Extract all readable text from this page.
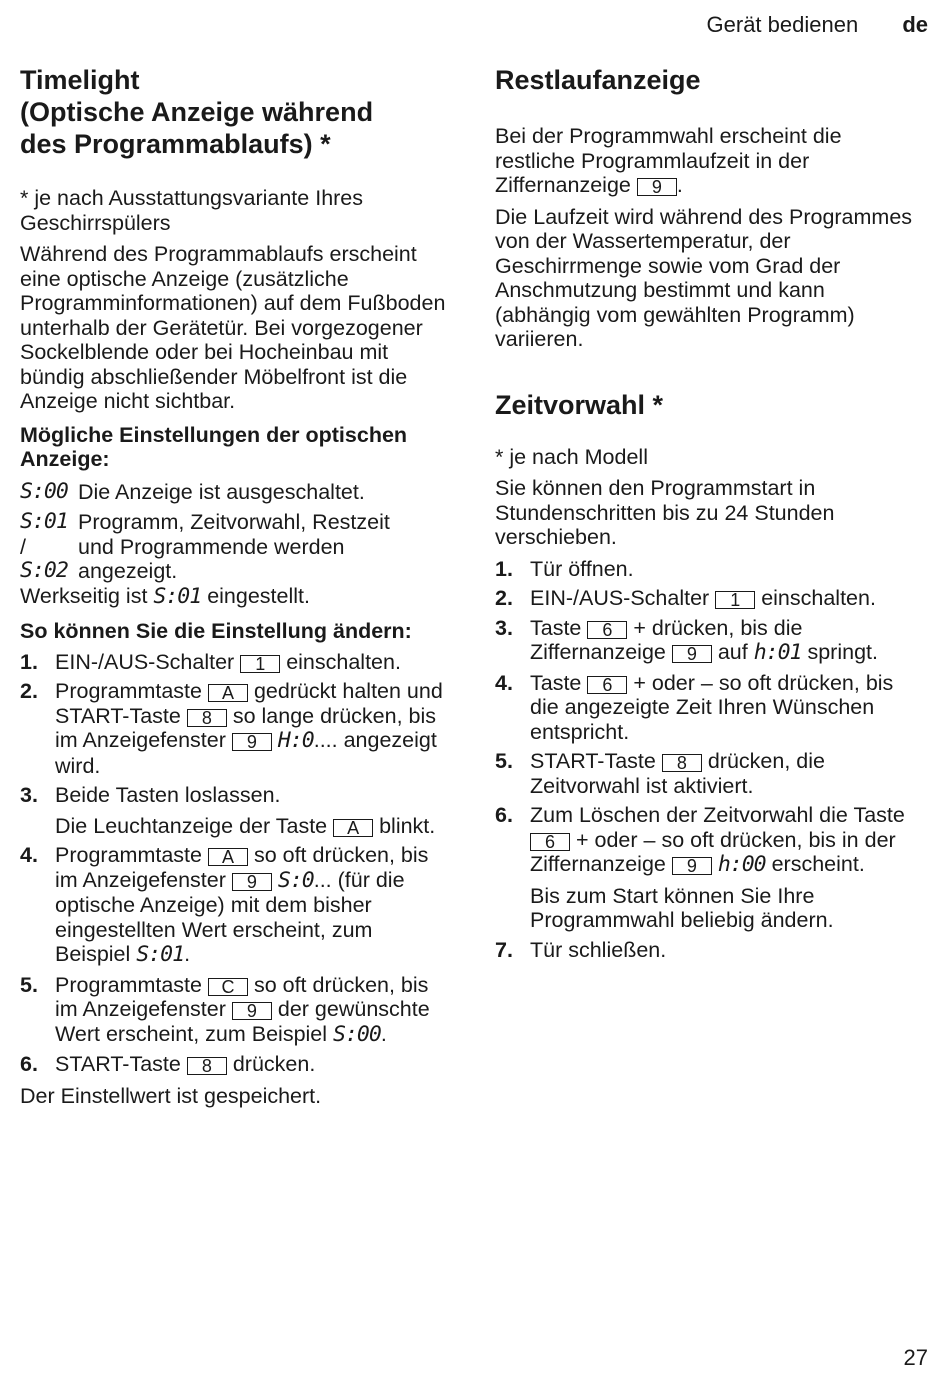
Gerät bedienen de
Timelight
(Optische Anzeige während
des Programmablaufs) *

* je nach Ausstattungsvariante Ihres Geschirrspülers

Während des Programmablaufs erscheint eine optische Anzeige (zusätzliche Programminformationen) auf dem Fußboden unterhalb der Gerätetür. Bei vorgezogener Sockelblende oder bei Hocheinbau mit bündig abschließender Möbelfront ist die Anzeige nicht sichtbar.

Mögliche Einstellungen der optischen Anzeige:

S:00 Die Anzeige ist ausgeschaltet.
S:01 Programm, Zeitvorwahl, Restzeit
/	und Programmende werden
S:02 angezeigt.

Werkseitig ist S:01 eingestellt.

So können Sie die Einstellung ändern:

1. EIN-/AUS-Schalter 1 einschalten.
2. Programmtaste A gedrückt halten und START-Taste 8 so lange drücken, bis im Anzeigefenster 9 H:0.... angezeigt wird.
3. Beide Tasten loslassen.
Die Leuchtanzeige der Taste A blinkt.
4. Programmtaste A so oft drücken, bis im Anzeigefenster 9 S:0... (für die optische Anzeige) mit dem bisher eingestellten Wert erscheint, zum Beispiel S:01.
5. Programmtaste C so oft drücken, bis im Anzeigefenster 9 der gewünschte Wert erscheint, zum Beispiel S:00.
6. START-Taste 8 drücken.

Der Einstellwert ist gespeichert.

Restlaufanzeige

Bei der Programmwahl erscheint die restliche Programmlaufzeit in der Ziffernanzeige 9 .

Die Laufzeit wird während des Programmes von der Wassertemperatur, der Geschirrmenge sowie vom Grad der Anschmutzung bestimmt und kann (abhängig vom gewählten Programm) variieren.

Zeitvorwahl *

* je nach Modell

Sie können den Programmstart in Stundenschritten bis zu 24 Stunden verschieben.

1. Tür öffnen.
2. EIN-/AUS-Schalter 1 einschalten.
3. Taste 6 + drücken, bis die Ziffernanzeige 9 auf h:01 springt.
4. Taste 6 + oder – so oft drücken, bis die angezeigte Zeit Ihren Wünschen entspricht.
5. START-Taste 8 drücken, die Zeitvorwahl ist aktiviert.
6. Zum Löschen der Zeitvorwahl die Taste 6 + oder – so oft drücken, bis in der Ziffernanzeige 9 h:00 erscheint.
Bis zum Start können Sie Ihre Programmwahl beliebig ändern.
7. Tür schließen.
27
